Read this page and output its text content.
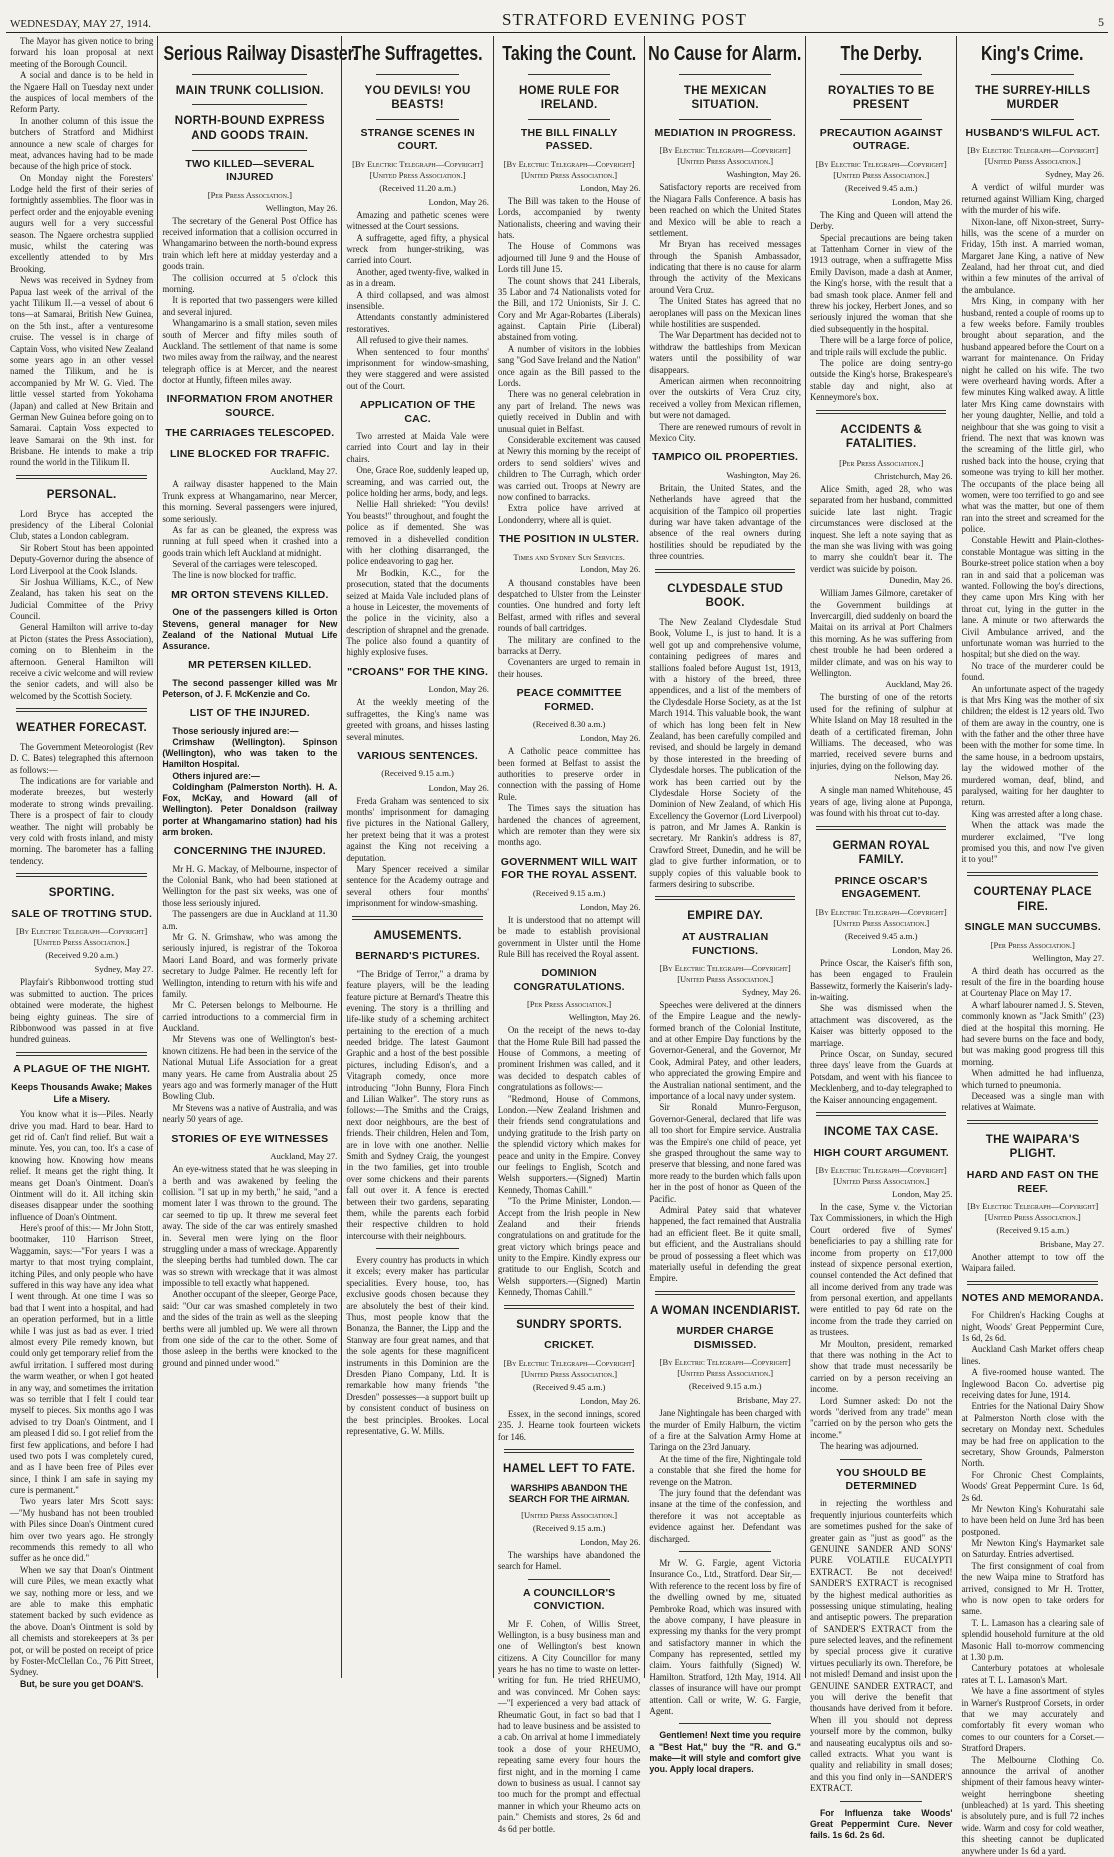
WEDNESDAY, MAY 27, 1914.	STRATFORD EVENING POST	5

The Mayor has given notice to bring forward his loan proposal at next meeting of the Borough Council.

A social and dance is to be held in the Ngaere Hall on Tuesday next under the auspices of local members of the Reform Party.

In another column of this issue the butchers of Stratford and Midhirst announce a new scale of charges for meat, advances having had to be made because of the high price of stock.

On Monday night the Foresters' Lodge held the first of their series of fortnightly assemblies. The floor was in perfect order and the enjoyable evening augurs well for a very successful season. The Ngaere orchestra supplied music, whilst the catering was excellently attended to by Mrs Brooking.

News was received in Sydney from Papua last week of the arrival of the yacht Tilikum II.—a vessel of about 6 tons—at Samarai, British New Guinea, on the 5th inst., after a venturesome cruise. The vessel is in charge of Captain Voss, who visited New Zealand some years ago in an other vessel named the Tilikum, and he is accompanied by Mr W. G. Vied. The little vessel started from Yokohama (Japan) and called at New Britain and German New Guinea before going on to Samarai. Captain Voss expected to leave Samarai on the 9th inst. for Brisbane. He intends to make a trip round the world in the Tilikum II.

PERSONAL.

Lord Bryce has accepted the presidency of the Liberal Colonial Club, states a London cablegram.

Sir Robert Stout has been appointed Deputy-Governor during the absence of Lord Liverpool at the Cook Islands.

Sir Joshua Williams, K.C., of New Zealand, has taken his seat on the Judicial Committee of the Privy Council.

General Hamilton will arrive to-day at Picton (states the Press Association), coming on to Blenheim in the afternoon. General Hamilton will receive a civic welcome and will review the senior cadets, and will also be welcomed by the Scottish Society.

WEATHER FORECAST.

The Government Meteorologist (Rev D. C. Bates) telegraphed this afternoon as follows:—

The indications are for variable and moderate breezes, but westerly moderate to strong winds prevailing. There is a prospect of fair to cloudy weather. The night will probably be very cold with frosts inland, and misty morning. The barometer has a falling tendency.

SPORTING.
SALE OF TROTTING STUD.
[By Electric Telegraph—Copyright] [United Press Association.]
(Received 9.20 a.m.)
Sydney, May 27.

Playfair's Ribbonwood trotting stud was submitted to auction. The prices obtained were moderate, the highest being eighty guineas. The sire of Ribbonwood was passed in at five hundred guineas.

A PLAGUE OF THE NIGHT.
Keeps Thousands Awake; Makes Life a Misery.

You know what it is—Piles. Nearly drive you mad. Hard to bear. Hard to get rid of. Can't find relief. But wait a minute. Yes, you can, too. It's a case of knowing how. Knowing how means relief. It means get the right thing. It means get Doan's Ointment. Doan's Ointment will do it. All itching skin diseases disappear under the soothing influence of Doan's Ointment.

Here's proof of this:— Mr John Stott, bootmaker, 110 Harrison Street, Waggamin, says:—"For years I was a martyr to that most trying complaint, itching Piles, and only people who have suffered in this way have any idea what I went through. At one time I was so bad that I went into a hospital, and had an operation performed, but in a little while I was just as bad as ever. I tried almost every Pile remedy known, but could only get temporary relief from the awful irritation. I suffered most during the warm weather, or when I got heated in any way, and sometimes the irritation was so terrible that I felt I could tear myself to pieces. Six months ago I was advised to try Doan's Ointment, and I am pleased I did so. I got relief from the first few applications, and before I had used two pots I was completely cured, and as I have been free of Piles ever since, I think I am safe in saying my cure is permanent."

Two years later Mrs Scott says:—"My husband has not been troubled with Piles since Doan's Ointment cured him over two years ago. He strongly recommends this remedy to all who suffer as he once did."

When we say that Doan's Ointment will cure Piles, we mean exactly what we say, nothing more or less, and we are able to make this emphatic statement backed by such evidence as the above. Doan's Ointment is sold by all chemists and storekeepers at 3s per pot, or will be posted on receipt of price by Foster-McClellan Co., 76 Pitt Street, Sydney.

But, be sure you get DOAN'S.

Serious Railway Disaster.
MAIN TRUNK COLLISION.
NORTH-BOUND EXPRESS AND GOODS TRAIN.
TWO KILLED—SEVERAL INJURED
[Per Press Association.]
Wellington, May 26.

The secretary of the General Post Office has received information that a collision occurred in Whangamarino between the north-bound express train which left here at midday yesterday and a goods train.

The collision occurred at 5 o'clock this morning.

It is reported that two passengers were killed and several injured.

Whangamarino is a small station, seven miles south of Mercer and fifty miles south of Auckland. The settlement of that name is some two miles away from the railway, and the nearest telegraph office is at Mercer, and the nearest doctor at Huntly, fifteen miles away.

INFORMATION FROM ANOTHER SOURCE.
THE CARRIAGES TELESCOPED.
LINE BLOCKED FOR TRAFFIC.
Auckland, May 27.

A railway disaster happened to the Main Trunk express at Whangamarino, near Mercer, this morning. Several passengers were injured, some seriously.

As far as can be gleaned, the express was running at full speed when it crashed into a goods train which left Auckland at midnight.

Several of the carriages were telescoped.

The line is now blocked for traffic.

MR ORTON STEVENS KILLED.

One of the passengers killed is Orton Stevens, general manager for New Zealand of the National Mutual Life Assurance.

MR PETERSEN KILLED.

The second passenger killed was Mr Peterson, of J. F. McKenzie and Co.

LIST OF THE INJURED.

Those seriously injured are:—

Crimshaw (Wellington). Spinson (Wellington), who was taken to the Hamilton Hospital.

Others injured are:—

Coldingham (Palmerston North). H. A. Fox, McKay, and Howard (all of Wellington). Peter Donaldson (railway porter at Whangamarino station) had his arm broken.

CONCERNING THE INJURED.

Mr H. G. Mackay, of Melbourne, inspector of the Colonial Bank, who had been stationed at Wellington for the past six weeks, was one of those less seriously injured.

The passengers are due in Auckland at 11.30 a.m.

Mr G. N. Grimshaw, who was among the seriously injured, is registrar of the Tokoroa Maori Land Board, and was formerly private secretary to Judge Palmer. He recently left for Wellington, intending to return with his wife and family.

Mr C. Petersen belongs to Melbourne. He carried introductions to a commercial firm in Auckland.

Mr Stevens was one of Wellington's best-known citizens. He had been in the service of the National Mutual Life Association for a great many years. He came from Australia about 25 years ago and was formerly manager of the Hutt Bowling Club.

Mr Stevens was a native of Australia, and was nearly 50 years of age.

STORIES OF EYE WITNESSES
Auckland, May 27.

An eye-witness stated that he was sleeping in a berth and was awakened by feeling the collision. "I sat up in my berth," he said, "and a moment later I was thrown to the ground. The car seemed to tip up. It threw me several feet away. The side of the car was entirely smashed in. Several men were lying on the floor struggling under a mass of wreckage. Apparently the sleeping berths had tumbled down. The car was so strewn with wreckage that it was almost impossible to tell exactly what happened.

Another occupant of the sleeper, George Pace, said: "Our car was smashed completely in two and the sides of the train as well as the sleeping berths were all jumbled up. We were all thrown from one side of the car to the other. Some of those asleep in the berths were knocked to the ground and pinned under wood."

The Suffragettes.
YOU DEVILS! YOU BEASTS!
STRANGE SCENES IN COURT.
[By Electric Telegraph—Copyright] [United Press Association.]
(Received 11.20 a.m.)
London, May 26.

Amazing and pathetic scenes were witnessed at the Court sessions.

A suffragette, aged fifty, a physical wreck from hunger-striking, was carried into Court.

Another, aged twenty-five, walked in as in a dream.

A third collapsed, and was almost insensible.

Attendants constantly administered restoratives.

All refused to give their names.

When sentenced to four months' imprisonment for window-smashing, they were staggered and were assisted out of the Court.

APPLICATION OF THE CAC.

Two arrested at Maida Vale were carried into Court and lay in their chairs.

One, Grace Roe, suddenly leaped up, screaming, and was carried out, the police holding her arms, body, and legs.

Nellie Hall shrieked: "You devils! You beasts!" throughout, and fought the police as if demented. She was removed in a dishevelled condition with her clothing disarranged, the police endeavoring to gag her.

Mr Bodkin, K.C., for the prosecution, stated that the documents seized at Maida Vale included plans of a house in Leicester, the movements of the police in the vicinity, also a description of shrapnel and the grenade. The police also found a quantity of highly explosive fuses.

"CROANS" FOR THE KING.
London, May 26.

At the weekly meeting of the suffragettes, the King's name was greeted with groans, and hisses lasting several minutes.

VARIOUS SENTENCES.
(Received 9.15 a.m.)
London, May 26.

Freda Graham was sentenced to six months' imprisonment for damaging five pictures in the National Gallery, her pretext being that it was a protest against the King not receiving a deputation.

Mary Spencer received a similar sentence for the Academy outrage and several others four months' imprisonment for window-smashing.

AMUSEMENTS.
BERNARD'S PICTURES.

"The Bridge of Terror," a drama by feature players, will be the leading feature picture at Bernard's Theatre this evening. The story is a thrilling and life-like study of a scheming architect pertaining to the erection of a much needed bridge. The latest Gaumont Graphic and a host of the best possible pictures, including Edison's, and a Vitagraph comedy, once more introducing "John Bunny, Flora Finch and Lilian Walker". The story runs as follows:—The Smiths and the Craigs, next door neighbours, are the best of friends. Their children, Helen and Tom, are in love with one another. Nellie Smith and Sydney Craig, the youngest in the two families, get into trouble over some chickens and their parents fall out over it. A fence is erected between their two gardens, separating them, while the parents each forbid their respective children to hold intercourse with their neighbours.

Every country has products in which it excels; every maker has particular specialities. Every house, too, has exclusive goods chosen because they are absolutely the best of their kind. Thus, most people know that the Bonanza, the Banner, the Lipp and the Stanway are four great names, and that the sole agents for these magnificent instruments in this Dominion are the Dresden Piano Company, Ltd. It is remarkable how many friends "the Dresden" possesses—a support built up by consistent conduct of business on the best principles. Brookes. Local representative, G. W. Mills.

Taking the Count.
HOME RULE FOR IRELAND.
THE BILL FINALLY PASSED.
[By Electric Telegraph—Copyright] [United Press Association.]
London, May 26.

The Bill was taken to the House of Lords, accompanied by twenty Nationalists, cheering and waving their hats.

The House of Commons was adjourned till June 9 and the House of Lords till June 15.

The count shows that 241 Liberals, 35 Labor and 74 Nationalists voted for the Bill, and 172 Unionists, Sir J. C. Cory and Mr Agar-Robartes (Liberals) against. Captain Pirie (Liberal) abstained from voting.

A number of visitors in the lobbies sang "God Save Ireland and the Nation" once again as the Bill passed to the Lords.

There was no general celebration in any part of Ireland. The news was quietly received in Dublin and with unusual quiet in Belfast.

Considerable excitement was caused at Newry this morning by the receipt of orders to send soldiers' wives and children to The Curragh, which order was carried out. Troops at Newry are now confined to barracks.

Extra police have arrived at Londonderry, where all is quiet.

THE POSITION IN ULSTER.
Times and Sydney Sun Services.
London, May 26.

A thousand constables have been despatched to Ulster from the Leinster counties. One hundred and forty left Belfast, armed with rifles and several rounds of ball cartridges.

The military are confined to the barracks at Derry.

Covenanters are urged to remain in their houses.

PEACE COMMITTEE FORMED.
(Received 8.30 a.m.)
London, May 26.

A Catholic peace committee has been formed at Belfast to assist the authorities to preserve order in connection with the passing of Home Rule.

The Times says the situation has hardened the chances of agreement, which are remoter than they were six months ago.

GOVERNMENT WILL WAIT FOR THE ROYAL ASSENT.
(Received 9.15 a.m.)
London, May 26.

It is understood that no attempt will be made to establish provisional government in Ulster until the Home Rule Bill has received the Royal assent.

DOMINION CONGRATULATIONS.
[Per Press Association.]
Wellington, May 26.

On the receipt of the news to-day that the Home Rule Bill had passed the House of Commons, a meeting of prominent Irishmen was called, and it was decided to despatch cables of congratulations as follows:—

"Redmond, House of Commons, London.—New Zealand Irishmen and their friends send congratulations and undying gratitude to the Irish party on the splendid victory which makes for peace and unity in the Empire. Convey our feelings to English, Scotch and Welsh supporters.—(Signed) Martin Kennedy, Thomas Cahill."

"To the Prime Minister, London.—Accept from the Irish people in New Zealand and their friends congratulations on and gratitude for the great victory which brings peace and unity to the Empire. Kindly express our gratitude to our English, Scotch and Welsh supporters.—(Signed) Martin Kennedy, Thomas Cahill."

SUNDRY SPORTS.
CRICKET.
[By Electric Telegraph—Copyright] [United Press Association.]
(Received 9.45 a.m.)
London, May 26.

Essex, in the second innings, scored 235. J. Hearne took fourteen wickets for 146.

HAMEL LEFT TO FATE.
WARSHIPS ABANDON THE SEARCH FOR THE AIRMAN.
[United Press Association.]
(Received 9.15 a.m.)
London, May 26.

The warships have abandoned the search for Hamel.

A COUNCILLOR'S CONVICTION.

Mr F. Cohen, of Willis Street, Wellington, is a busy business man and one of Wellington's best known citizens. A City Councillor for many years he has no time to waste on letter-writing for fun. He tried RHEUMO, and was convinced. Mr Cohen says:—"I experienced a very bad attack of Rheumatic Gout, in fact so bad that I had to leave business and be assisted to a cab. On arrival at home I immediately took a dose of your RHEUMO, repeating same every four hours the first night, and in the morning I came down to business as usual. I cannot say too much for the prompt and effectual manner in which your Rheumo acts on pain." Chemists and stores, 2s 6d and 4s 6d per bottle.

No Cause for Alarm.
THE MEXICAN SITUATION.
MEDIATION IN PROGRESS.
[By Electric Telegraph—Copyright] [United Press Association.]
Washington, May 26.

Satisfactory reports are received from the Niagara Falls Conference. A basis has been reached on which the United States and Mexico will be able to reach a settlement.

Mr Bryan has received messages through the Spanish Ambassador, indicating that there is no cause for alarm through the activity of the Mexicans around Vera Cruz.

The United States has agreed that no aeroplanes will pass on the Mexican lines while hostilities are suspended.

The War Department has decided not to withdraw the battleships from Mexican waters until the possibility of war disappears.

American airmen when reconnoitring over the outskirts of Vera Cruz city, received a volley from Mexican riflemen, but were not damaged.

There are renewed rumours of revolt in Mexico City.

TAMPICO OIL PROPERTIES.
Washington, May 26.

Britain, the United States, and the Netherlands have agreed that the acquisition of the Tampico oil properties during war have taken advantage of the absence of the real owners during hostilities should be repudiated by the three countries.

CLYDESDALE STUD BOOK.

The New Zealand Clydesdale Stud Book, Volume I., is just to hand. It is a well got up and comprehensive volume, containing pedigrees of mares and stallions foaled before August 1st, 1913, with a history of the breed, three appendices, and a list of the members of the Clydesdale Horse Society, as at the 1st March 1914. This valuable book, the want of which has long been felt in New Zealand, has been carefully compiled and revised, and should be largely in demand by those interested in the breeding of Clydesdale horses. The publication of the work has been carried out by the Clydesdale Horse Society of the Dominion of New Zealand, of which His Excellency the Governor (Lord Liverpool) is patron, and Mr James A. Rankin is secretary. Mr Rankin's address is 87, Crawford Street, Dunedin, and he will be glad to give further information, or to supply copies of this valuable book to farmers desiring to subscribe.

EMPIRE DAY.
AT AUSTRALIAN FUNCTIONS.
[By Electric Telegraph—Copyright] [United Press Association.]
Sydney, May 26.

Speeches were delivered at the dinners of the Empire League and the newly-formed branch of the Colonial Institute, and at other Empire Day functions by the Governor-General, and the Governor, Mr Cook, Admiral Patey, and other leaders, who appreciated the growing Empire and the Australian national sentiment, and the importance of a local navy under system.

Sir Ronald Munro-Ferguson, Governor-General, declared that life was all too short for Empire service. Australia was the Empire's one child of peace, yet she grasped throughout the same way to preserve that blessing, and none fared was more ready to the burden which falls upon her in the post of honor as Queen of the Pacific.

Admiral Patey said that whatever happened, the fact remained that Australia had an efficient fleet. Be it quite small, but efficient, and the Australians should be proud of possessing a fleet which was materially useful in defending the great Empire.

A WOMAN INCENDIARIST.
MURDER CHARGE DISMISSED.
[By Electric Telegraph—Copyright] [United Press Association.]
(Received 9.15 a.m.)
Brisbane, May 27.

Jane Nightingale has been charged with the murder of Emily Halburn, the victim of a fire at the Salvation Army Home at Taringa on the 23rd January.

At the time of the fire, Nightingale told a constable that she fired the home for revenge on the Matron.

The jury found that the defendant was insane at the time of the confession, and therefore it was not acceptable as evidence against her. Defendant was discharged.

Mr W. G. Fargie, agent Victoria Insurance Co., Ltd., Stratford. Dear Sir,—With reference to the recent loss by fire of the dwelling owned by me, situated Pembroke Road, which was insured with the above company, I have pleasure in expressing my thanks for the very prompt and satisfactory manner in which the Company has represented, settled my claim. Yours faithfully (Signed) W. Hamilton. Stratford, 12th May, 1914. All classes of insurance will have our prompt attention. Call or write, W. G. Fargie, Agent.

Gentlemen! Next time you require a "Best Hat," buy the "R. and G." make—it will style and comfort give you. Apply local drapers.

The Derby.
ROYALTIES TO BE PRESENT
PRECAUTION AGAINST OUTRAGE.
[By Electric Telegraph—Copyright] [United Press Association.]
(Received 9.45 a.m.)
London, May 26.

The King and Queen will attend the Derby.

Special precautions are being taken at Tattenham Corner in view of the 1913 outrage, when a suffragette Miss Emily Davison, made a dash at Anmer, the King's horse, with the result that a bad smash took place. Anmer fell and threw his jockey, Herbert Jones, and so seriously injured the woman that she died subsequently in the hospital.

There will be a large force of police, and triple rails will exclude the public.

The police are doing sentry-go outside the King's horse, Brakespeare's stable day and night, also at Kenneymore's box.

ACCIDENTS & FATALITIES.
[Per Press Association.]
Christchurch, May 26.

Alice Smith, aged 28, who was separated from her husband, committed suicide late last night. Tragic circumstances were disclosed at the inquest. She left a note saying that as the man she was living with was going to marry she couldn't bear it. The verdict was suicide by poison.

Dunedin, May 26.

William James Gilmore, caretaker of the Government buildings at Invercargill, died suddenly on board the Maitai on its arrival at Port Chalmers this morning. As he was suffering from chest trouble he had been ordered a milder climate, and was on his way to Wellington.

Auckland, May 26.

The bursting of one of the retorts used for the refining of sulphur at White Island on May 18 resulted in the death of a certificated fireman, John Williams. The deceased, who was married, received severe burns and injuries, dying on the following day.

Nelson, May 26.

A single man named Whitehouse, 45 years of age, living alone at Puponga, was found with his throat cut to-day.

GERMAN ROYAL FAMILY.
PRINCE OSCAR'S ENGAGEMENT.
[By Electric Telegraph—Copyright] [United Press Association.]
(Received 9.45 a.m.)
London, May 26.

Prince Oscar, the Kaiser's fifth son, has been engaged to Fraulein Bassewitz, formerly the Kaiserin's lady-in-waiting.

She was dismissed when the attachment was discovered, as the Kaiser was bitterly opposed to the marriage.

Prince Oscar, on Sunday, secured three days' leave from the Guards at Potsdam, and went with his fiancee to Mecklenberg, and to-day telegraphed to the Kaiser announcing engagement.

INCOME TAX CASE.
HIGH COURT ARGUMENT.
[By Electric Telegraph—Copyright] [United Press Association.]
London, May 25.

In the case, Syme v. the Victorian Tax Commissioners, in which the High Court ordered five of Symes' beneficiaries to pay a shilling rate for income from property on £17,000 instead of sixpence personal exertion, counsel contended the Act defined that all income derived from any trade was from personal exertion, and appellants were entitled to pay 6d rate on the income from the trade they carried on as trustees.

Mr Moulton, president, remarked that there was nothing in the Act to show that trade must necessarily be carried on by a person receiving an income.

Lord Sumner asked: Do not the words "derived from any trade" mean "carried on by the person who gets the income."

The hearing was adjourned.

YOU SHOULD BE DETERMINED

in rejecting the worthless and frequently injurious counterfeits which are sometimes pushed for the sake of greater gain as "just as good" as the GENUINE SANDER AND SONS' PURE VOLATILE EUCALYPTI EXTRACT. Be not deceived! SANDER'S EXTRACT is recognised by the highest medical authorities as possessing unique stimulating, healing and antiseptic powers. The preparation of SANDER'S EXTRACT from the pure selected leaves, and the refinement by special process give it curative virtues peculiarly its own. Therefore, be not misled! Demand and insist upon the GENUINE SANDER EXTRACT, and you will derive the benefit that thousands have derived from it before. When ill you should not depress yourself more by the common, bulky and nauseating eucalyptus oils and so-called extracts. What you want is quality and reliability in small doses; and this you find only in—SANDER'S EXTRACT.

For Influenza take Woods' Great Peppermint Cure. Never fails. 1s 6d. 2s 6d.

King's Crime.
THE SURREY-HILLS MURDER
HUSBAND'S WILFUL ACT.
[By Electric Telegraph—Copyright] [United Press Association.]
Sydney, May 26.

A verdict of wilful murder was returned against William King, charged with the murder of his wife.

Nixon-lane, off Nixon-street, Surry-hills, was the scene of a murder on Friday, 15th inst. A married woman, Margaret Jane King, a native of New Zealand, had her throat cut, and died within a few minutes of the arrival of the ambulance.

Mrs King, in company with her husband, rented a couple of rooms up to a few weeks before. Family troubles brought about separation, and the husband appeared before the Court on a warrant for maintenance. On Friday night he called on his wife. The two were overheard having words. After a few minutes King walked away. A little later Mrs King came downstairs with her young daughter, Nellie, and told a neighbour that she was going to visit a friend. The next that was known was the screaming of the little girl, who rushed back into the house, crying that someone was trying to kill her mother. The occupants of the place being all women, were too terrified to go and see what was the matter, but one of them ran into the street and screamed for the police.

Constable Hewitt and Plain-clothes-constable Montague was sitting in the Bourke-street police station when a boy ran in and said that a policeman was wanted. Following the boy's directions, they came upon Mrs King with her throat cut, lying in the gutter in the lane. A minute or two afterwards the Civil Ambulance arrived, and the unfortunate woman was hurried to the hospital; but she died on the way.

No trace of the murderer could be found.

An unfortunate aspect of the tragedy is that Mrs King was the mother of six children; the eldest is 12 years old. Two of them are away in the country, one is with the father and the other three have been with the mother for some time. In the same house, in a bedroom upstairs, lay the widowed mother of the murdered woman, deaf, blind, and paralysed, waiting for her daughter to return.

King was arrested after a long chase.

When the attack was made the murderer exclaimed, "I've long promised you this, and now I've given it to you!"

COURTENAY PLACE FIRE.
SINGLE MAN SUCCUMBS.
[Per Press Association.]
Wellington, May 27.

A third death has occurred as the result of the fire in the boarding house at Courtenay Place on May 17.

A wharf labourer named J. S. Steven, commonly known as "Jack Smith" (23) died at the hospital this morning. He had severe burns on the face and body, but was making good progress till this morning.

When admitted he had influenza, which turned to pneumonia.

Deceased was a single man with relatives at Waimate.

THE WAIPARA'S PLIGHT.
HARD AND FAST ON THE REEF.
[By Electric Telegraph—Copyright] [United Press Association.]
(Received 9.15 a.m.)
Brisbane, May 27.

Another attempt to tow off the Waipara failed.

NOTES AND MEMORANDA.

For Children's Hacking Coughs at night, Woods' Great Peppermint Cure, 1s 6d, 2s 6d.

Auckland Cash Market offers cheap lines.

A five-roomed house wanted. The Inglewood Bacon Co. advertise pig receiving dates for June, 1914.

Entries for the National Dairy Show at Palmerston North close with the secretary on Monday next. Schedules may be had free on application to the secretary, Show Grounds, Palmerston North.

For Chronic Chest Complaints, Woods' Great Peppermint Cure. 1s 6d, 2s 6d.

Mr Newton King's Kohuratahi sale to have been held on June 3rd has been postponed.

Mr Newton King's Haymarket sale on Saturday. Entries advertised.

The first consignment of coal from the new Waipa mine to Stratford has arrived, consigned to Mr H. Trotter, who is now open to take orders for same.

T. L. Lamason has a clearing sale of splendid household furniture at the old Masonic Hall to-morrow commencing at 1.30 p.m.

Canterbury potatoes at wholesale rates at T. L. Lamason's Mart.

We have a fine assortment of styles in Warner's Rustproof Corsets, in order that we may accurately and comfortably fit every woman who comes to our counters for a Corset.—Stratford Drapers.

The Melbourne Clothing Co. announce the arrival of another shipment of their famous heavy winter-weight herringbone sheeting (unbleached) at 1s yard. This sheeting is absolutely pure, and is full 72 inches wide. Warm and cosy for cold weather, this sheeting cannot be duplicated anywhere under 1s 6d a yard.
